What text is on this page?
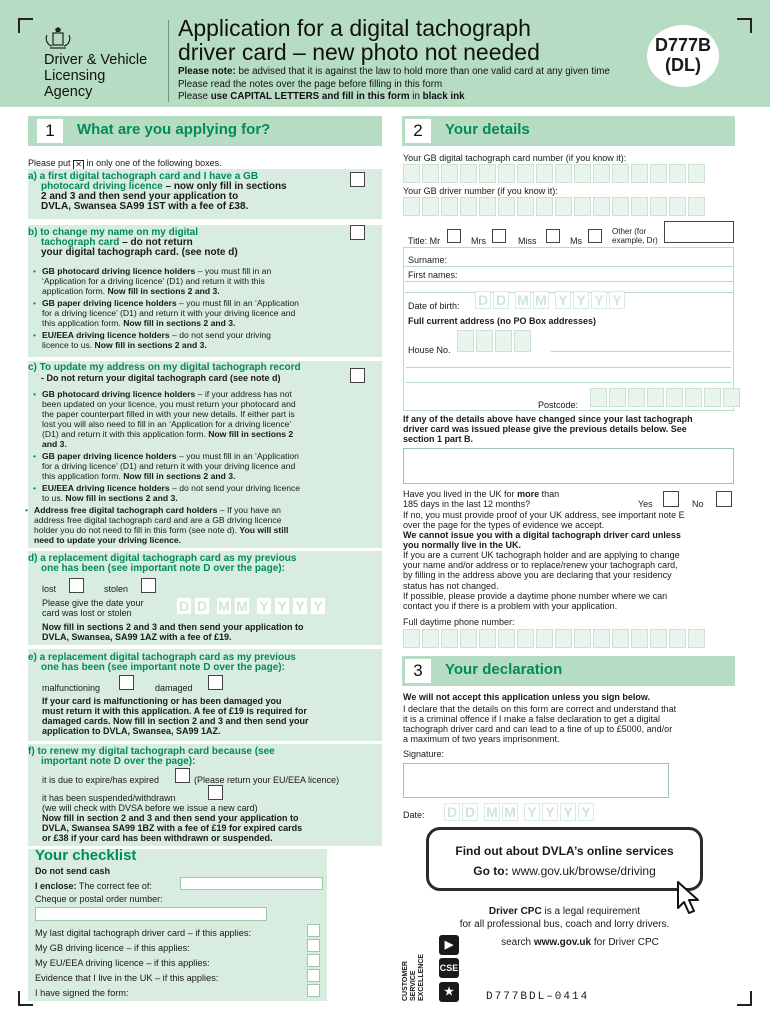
Driver & Vehicle
Licensing
Agency
Application for a digital tachograph
driver card – new photo not needed
Please note: be advised that it is against the law to hold more than one valid card at any given time
Please read the notes over the page before filling in this form
Please use CAPITAL LETTERS and fill in this form in black ink
D777B
(DL)
1	What are you applying for?
Please put ✕ in only one of the following boxes.
a) a first digital tachograph card and I have a GB
photocard driving licence – now only fill in sections
2 and 3 and then send your application to
DVLA, Swansea SA99 1ST with a fee of £38.
b) to change my name on my digital
tachograph card – do not return
your digital tachograph card. (see note d)
• GB photocard driving licence holders – you must fill in an
‘Application for a driving licence’ (D1) and return it with this
application form. Now fill in sections 2 and 3.
• GB paper driving licence holders – you must fill in an ‘Application
for a driving licence’ (D1) and return it with your driving licence and
this application form. Now fill in sections 2 and 3.
• EU/EEA driving licence holders – do not send your driving
licence to us. Now fill in sections 2 and 3.
c) To update my address on my digital tachograph record
- Do not return your digital tachograph card (see note d)
• GB photocard driving licence holders – if your address has not
been updated on your licence, you must return your photocard and
the paper counterpart filled in with your new details. If either part is
lost you will also need to fill in an ‘Application for a driving licence’
(D1) and return it with this application form. Now fill in sections 2
and 3.
• GB paper driving licence holders – you must fill in an ‘Application
for a driving licence’ (D1) and return it with your driving licence and
this application form. Now fill in sections 2 and 3.
• EU/EEA driving licence holders – do not send your driving licence
to us. Now fill in sections 2 and 3.
• Address free digital tachograph card holders – If you have an
address free digital tachograph card and are a GB driving licence
holder you do not need to fill in this form (see note d). You will still
need to update your driving licence.
d) a replacement digital tachograph card as my previous
one has been (see important note D over the page):
lost	stolen
Please give the date your
card was lost or stolen	D D M M Y Y Y Y
Now fill in sections 2 and 3 and then send your application to
DVLA, Swansea, SA99 1AZ with a fee of £19.
e) a replacement digital tachograph card as my previous
one has been (see important note D over the page):
malfunctioning	damaged
If your card is malfunctioning or has been damaged you
must return it with this application. A fee of £19 is required for
damaged cards. Now fill in section 2 and 3 and then send your
application to DVLA, Swansea, SA99 1AZ.
f) to renew my digital tachograph card because (see
important note D over the page):
it is due to expire/has expired	(Please return your EU/EEA licence)
it has been suspended/withdrawn
(we will check with DVSA before we issue a new card)
Now fill in section 2 and 3 and then send your application to
DVLA, Swansea SA99 1BZ with a fee of £19 for expired cards
or £38 if your card has been withdrawn or suspended.
Your checklist
Do not send cash
I enclose: The correct fee of:
Cheque or postal order number:
My last digital tachograph driver card – if this applies:
My GB driving licence – if this applies:
My EU/EEA driving licence – if this applies:
Evidence that I live in the UK – if this applies:
I have signed the form:
2	Your details
Your GB digital tachograph card number (if you know it):
Your GB driver number (if you know it):
Title: Mr	Mrs	Miss	Ms
Other (for
example, Dr)
Surname:
First names:
Date of birth: D D M M Y Y Y Y
Full current address (no PO Box addresses)
House No.
Postcode:
If any of the details above have changed since your last tachograph
driver card was issued please give the previous details below. See
section 1 part B.
Have you lived in the UK for more than
185 days in the last 12 months?	Yes	No
If no, you must provide proof of your UK address, see important note E
over the page for the types of evidence we accept.
We cannot issue you with a digital tachograph driver card unless
you normally live in the UK.
If you are a current UK tachograph holder and are applying to change
your name and/or address or to replace/renew your tachograph card,
by filling in the address above you are declaring that your residency
status has not changed.
If possible, please provide a daytime phone number where we can
contact you if there is a problem with your application.
Full daytime phone number:
3	Your declaration
We will not accept this application unless you sign below.
I declare that the details on this form are correct and understand that
it is a criminal offence if I make a false declaration to get a digital
tachograph driver card and can lead to a fine of up to £5000, and/or
a maximum of two years imprisonment.
Signature:
Date: D D M M Y Y Y Y
Find out about DVLA’s online services
Go to: www.gov.uk/browse/driving
Driver CPC is a legal requirement
for all professional bus, coach and lorry drivers.
search www.gov.uk for Driver CPC
CUSTOMER SERVICE EXCELLENCE
▶
CSE
★	D777BDL–0414
